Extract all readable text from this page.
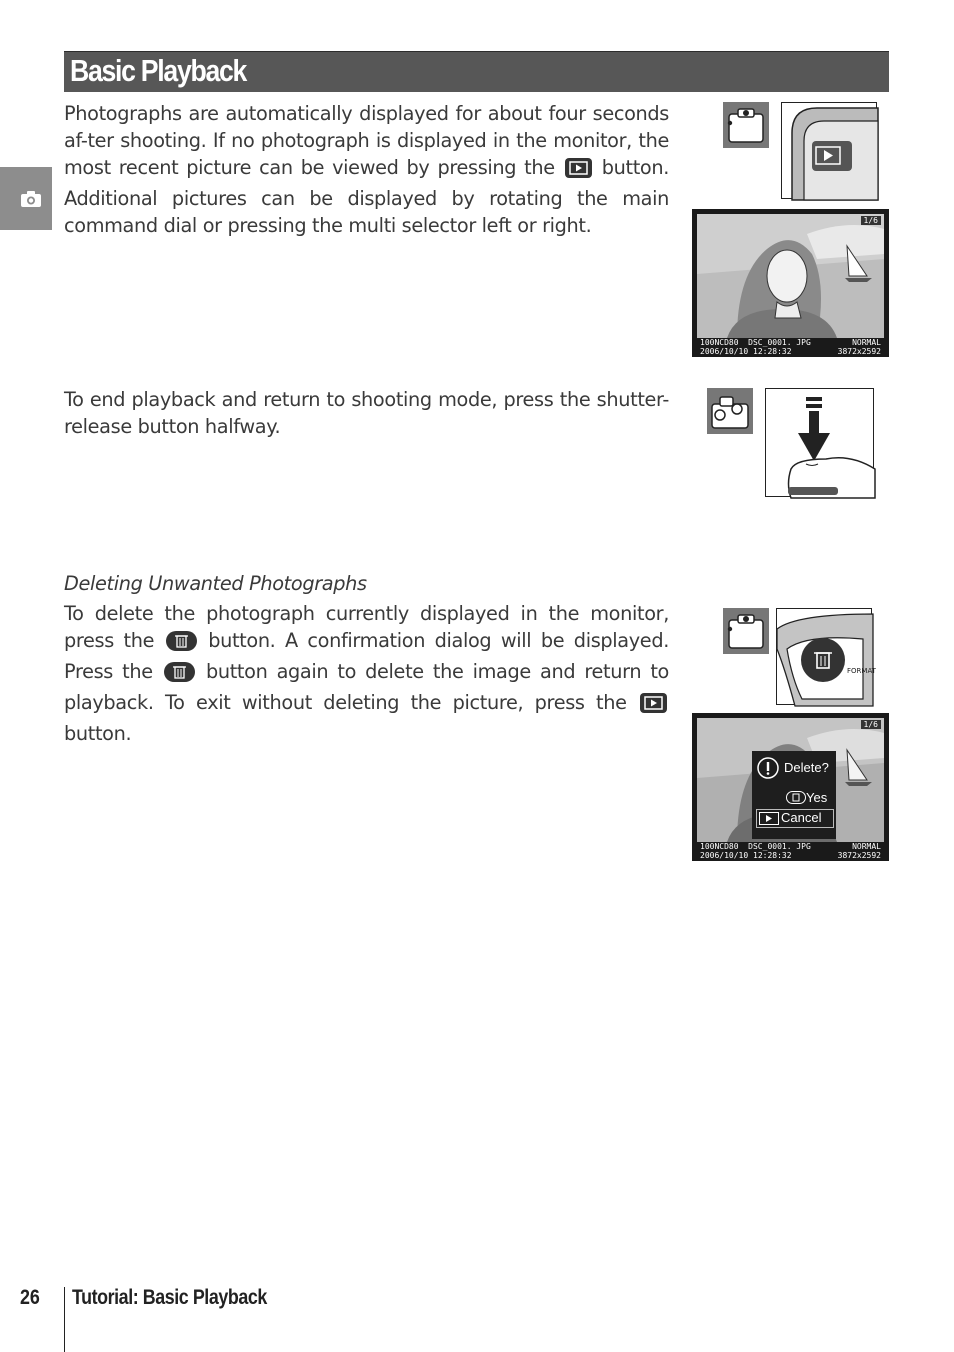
Basic Playback
Photographs are automatically displayed for about four seconds af-ter shooting. If no photograph is displayed in the monitor, the most recent picture can be viewed by pressing the button. Additional pictures can be displayed by rotating the main command dial or pressing the multi selector left or right.	1/6
100NCD80 DSC_0001. JPG
2006/10/10 12:28:32
NORMAL
3872x2592
To end playback and return to shooting mode, press the shutter-release button halfway.
Deleting Unwanted Photographs
To delete the photograph currently displayed in the monitor, press the	button. A confirmation dialog will be displayed. Press the	button again to delete the image and return to playback. To exit without deleting the picture, press the  button.
FORMAT
1/6
Delete?
Yes
Cancel
100NCD80 DSC_0001. JPG
2006/10/10 12:28:32
NORMAL
3872x2592
26 Tutorial: Basic Playback
